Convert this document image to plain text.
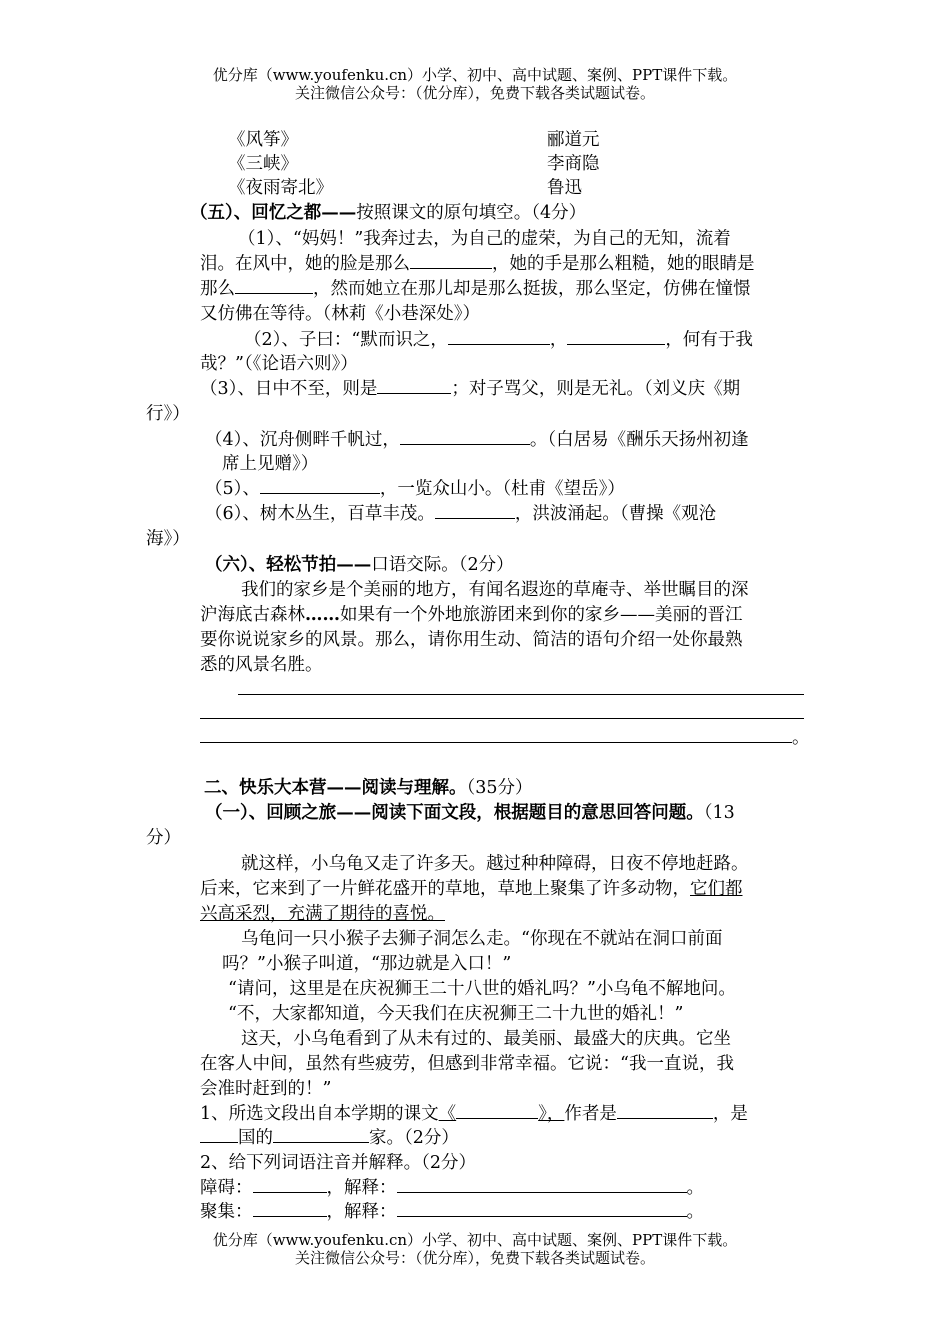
优分库（www.youfenku.cn）小学、初中、高中试题、案例、PPT课件下载。
关注微信公众号：（优分库），免费下载各类试题试卷。
《风筝》	郦道元
《三峡》	李商隐
《夜雨寄北》	鲁迅
（五）、回忆之都——按照课文的原句填空。（4分）
（1）、“妈妈！”我奔过去，为自己的虚荣，为自己的无知，流着
泪。在风中，她的脸是那么	，她的手是那么粗糙，她的眼睛是
那么	，然而她立在那儿却是那么挺拔，那么坚定，仿佛在憧憬
又仿佛在等待。（林莉《小巷深处》）
（2）、子曰：“默而识之，	，	，何有于我
哉？”（《论语六则》）
（3）、日中不至，则是	；对子骂父，则是无礼。（刘义庆《期
行》）
（4）、沉舟侧畔千帆过，	。（白居易《酬乐天扬州初逢
席上见赠》）
（5）、	，一览众山小。（杜甫《望岳》）
（6）、树木丛生，百草丰茂。	，洪波涌起。（曹操《观沧
海》）
（六）、轻松节拍——口语交际。（2分）
我们的家乡是个美丽的地方，有闻名遐迩的草庵寺、举世瞩目的深
沪海底古森林……如果有一个外地旅游团来到你的家乡——美丽的晋江
要你说说家乡的风景。那么，请你用生动、简洁的语句介绍一处你最熟
悉的风景名胜。
。
二、快乐大本营——阅读与理解。（35分）
（一）、回顾之旅——阅读下面文段，根据题目的意思回答问题。（13
分）
就这样，小乌龟又走了许多天。越过种种障碍，日夜不停地赶路。
后来，它来到了一片鲜花盛开的草地，草地上聚集了许多动物，它们都
兴高采烈，充满了期待的喜悦。
乌龟问一只小猴子去狮子洞怎么走。“你现在不就站在洞口前面
吗？”小猴子叫道，“那边就是入口！”
“请问，这里是在庆祝狮王二十八世的婚礼吗？”小乌龟不解地问。
“不，大家都知道，今天我们在庆祝狮王二十九世的婚礼！”
这天，小乌龟看到了从未有过的、最美丽、最盛大的庆典。它坐
在客人中间，虽然有些疲劳，但感到非常幸福。它说：“我一直说，我
会准时赶到的！”
1、所选文段出自本学期的课文《	》，作者是	，是
国的	家。（2分）
2、给下列词语注音并解释。（2分）
障碍：	，解释：	。
聚集：	，解释：	。
优分库（www.youfenku.cn）小学、初中、高中试题、案例、PPT课件下载。
关注微信公众号：（优分库），免费下载各类试题试卷。
